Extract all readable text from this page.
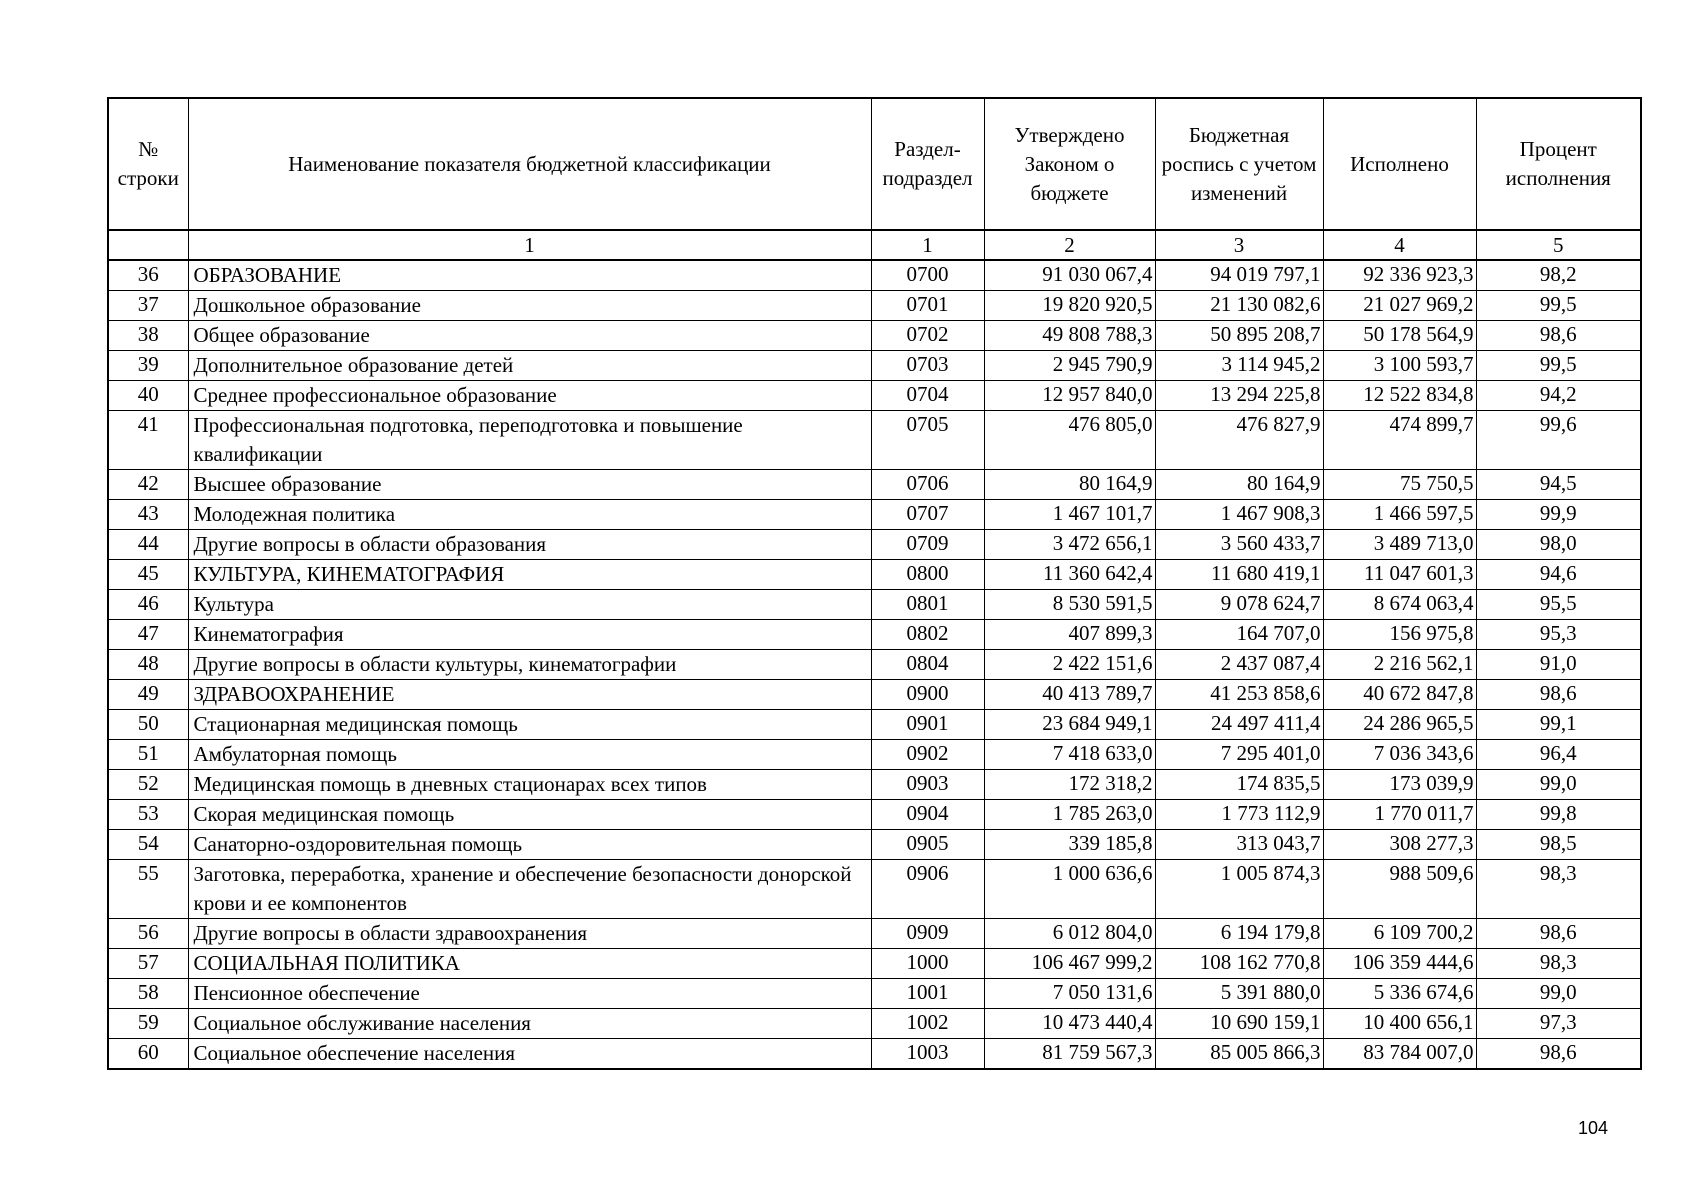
№ строки	Наименование показателя бюджетной классификации	Раздел-подраздел	Утверждено Законом о бюджете	Бюджетная роспись с учетом изменений	Исполнено	Процент исполнения
	1	1	2	3	4	5
36	ОБРАЗОВАНИЕ	0700	91 030 067,4	94 019 797,1	92 336 923,3	98,2
37	Дошкольное образование	0701	19 820 920,5	21 130 082,6	21 027 969,2	99,5
38	Общее образование	0702	49 808 788,3	50 895 208,7	50 178 564,9	98,6
39	Дополнительное образование детей	0703	2 945 790,9	3 114 945,2	3 100 593,7	99,5
40	Среднее профессиональное образование	0704	12 957 840,0	13 294 225,8	12 522 834,8	94,2
41	Профессиональная подготовка, переподготовка и повышение квалификации	0705	476 805,0	476 827,9	474 899,7	99,6
42	Высшее образование	0706	80 164,9	80 164,9	75 750,5	94,5
43	Молодежная политика	0707	1 467 101,7	1 467 908,3	1 466 597,5	99,9
44	Другие вопросы в области образования	0709	3 472 656,1	3 560 433,7	3 489 713,0	98,0
45	КУЛЬТУРА, КИНЕМАТОГРАФИЯ	0800	11 360 642,4	11 680 419,1	11 047 601,3	94,6
46	Культура	0801	8 530 591,5	9 078 624,7	8 674 063,4	95,5
47	Кинематография	0802	407 899,3	164 707,0	156 975,8	95,3
48	Другие вопросы в области культуры, кинематографии	0804	2 422 151,6	2 437 087,4	2 216 562,1	91,0
49	ЗДРАВООХРАНЕНИЕ	0900	40 413 789,7	41 253 858,6	40 672 847,8	98,6
50	Стационарная медицинская помощь	0901	23 684 949,1	24 497 411,4	24 286 965,5	99,1
51	Амбулаторная помощь	0902	7 418 633,0	7 295 401,0	7 036 343,6	96,4
52	Медицинская помощь в дневных стационарах всех типов	0903	172 318,2	174 835,5	173 039,9	99,0
53	Скорая медицинская помощь	0904	1 785 263,0	1 773 112,9	1 770 011,7	99,8
54	Санаторно-оздоровительная помощь	0905	339 185,8	313 043,7	308 277,3	98,5
55	Заготовка, переработка, хранение и обеспечение безопасности донорской крови и ее компонентов	0906	1 000 636,6	1 005 874,3	988 509,6	98,3
56	Другие вопросы в области здравоохранения	0909	6 012 804,0	6 194 179,8	6 109 700,2	98,6
57	СОЦИАЛЬНАЯ ПОЛИТИКА	1000	106 467 999,2	108 162 770,8	106 359 444,6	98,3
58	Пенсионное обеспечение	1001	7 050 131,6	5 391 880,0	5 336 674,6	99,0
59	Социальное обслуживание населения	1002	10 473 440,4	10 690 159,1	10 400 656,1	97,3
60	Социальное обеспечение населения	1003	81 759 567,3	85 005 866,3	83 784 007,0	98,6
104
